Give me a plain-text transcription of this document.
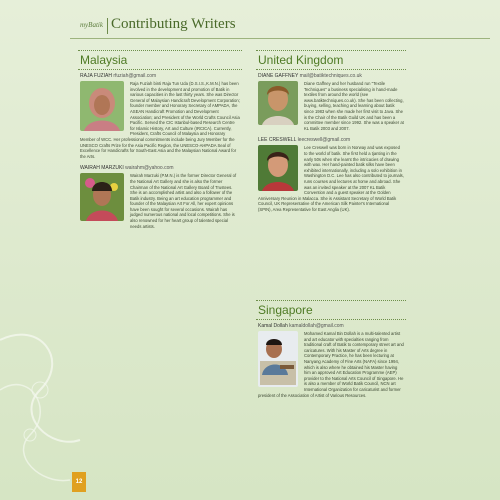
myBatik Contributing Writers
Malaysia
RAJA FUZIAH rfuziah@gmail.com
Raja Fuziah binti Raja Tun Uda (D.S.I.S.,K.M.N.) has been involved in the development and promotion of Batik in various capacities in the last thirty years. She was Director General of Malaysian Handicraft Development Corporation; founder member and Honorary Secretary of AMPADA, the ASEAN Handicraft Promotion and Development Association; and President of the World Crafts Council Asia Pacific. Served the CIC Istanbul-based Research Centre for Islamic History, Art and Culture (IRCICA). Currently, President, Crafts Council of Malaysia and Honorary Member of WCC. Her professional commitments include being Jury Member for the UNESCO Crafts Prize for the Asia Pacific Region, the UNESCO-AHPADA Seal of Excellence for Handicrafts for South-East Asia and the Malaysian National Award for the Arts.
WAIRAH MARZUKI wairahm@yahoo.com
Wairah Marzuki (P.M.N.) is the former Director General of the National Art Gallery and she is also the former Chairman of the National Art Gallery Board of Trustees. She is an accomplished artist and also a follower of the Batik industry. Being an art education programmer and founder of the Malaysian Art For All, her expert opinions have been sought for several occasions. Wairah has judged numerous national and local competitions. She is also renowned for her heart group of talented special needs artists.
United Kingdom
DIANE GAFFNEY mail@batiktechniques.co.uk
Diane Gaffney and her husband run "Textile Techniques" a business specialising in hand-made textiles from around the world (see www.batiktechniques.co.uk). She has been collecting, buying, selling, teaching and learning about batik since 1983 when she made her first visit to Java. She is the Chair of the Batik Guild UK and has been a committee member since 1992. She was a speaker at KL Batik 2003 and 2007.
LEE CRESWELL leecreswell@gmail.com
Lee Creswell was born in Norway and was exposed to the world of batik. She first held a tjanting in the early 50s when she learnt the intricacies of drawing with wax. Her hand-painted batik silks have been exhibited internationally, including a solo exhibition in Washington D.C. Lee has also contributed to journals, runs courses and lectures at home and abroad. She was an invited speaker at the 2007 KL Batik Convention and a guest speaker at the Golden Anniversary Reunion in Malacca. She is Assistant Secretary of World Batik Council, UK Representative of the American Silk Painter's International (SPIN), Area Representative for East Anglia (UK).
Singapore
Kamal Dollah kamaldollah@gmail.com
Mohamed Kamal Bin Dollah is a multi-talented artist and art educator with specialties ranging from traditional craft of Batik to contemporary street art and caricatures. With his Master of Arts degree in Contemporary Practice, he has been lecturing at Nanyang Academy of Fine Arts (NAFA) since 1994, which is also where he obtained his Master having him an approved Art Education Programme (AEP) provider to the National Arts Council of Singapore. He is also a member of World Batik Council, NCN art International Organization for caricaturist and former president of the Association of Artist of Various Resources.
12
